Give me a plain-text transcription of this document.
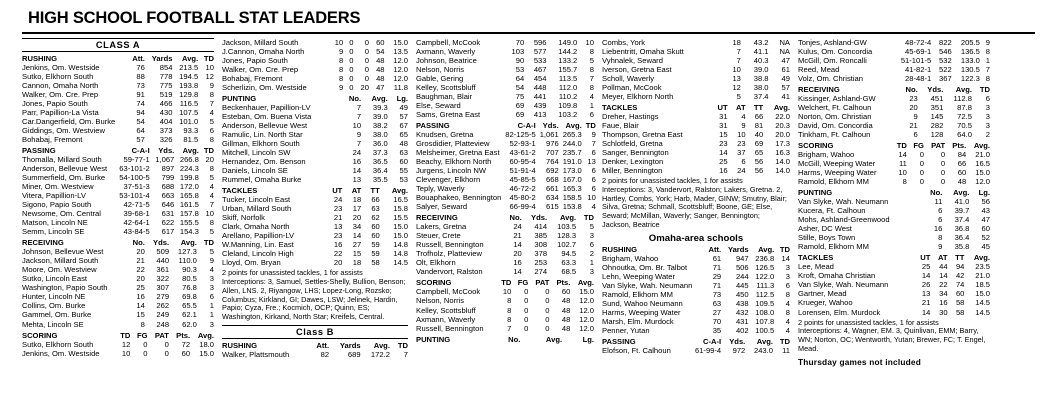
HIGH SCHOOL FOOTBALL STAT LEADERS
CLASS A
RUSHING	Att.	Yards	Avg.	TD
Jenkins, Om. Westside	76	854	213.5	10
Sutko, Elkhorn South	88	778	194.5	12
Cannon, Omaha North	73	775	193.8	9
Walker, Om. Cre. Prep	91	519	129.8	8
Jones, Papio South	74	466	116.5	7
Parr, Papillion-La Vista	94	430	107.5	4
Car.Dangerfield, Om. Burke	54	404	101.0	5
Giddings, Om. Westview	64	373	93.3	6
Bohabaj, Fremont	57	326	81.5	8
PASSING	C-A-I	Yds.	Avg.	TD
Thomalla, Millard South	59-77-1	1,067	266.8	20
Anderson, Bellevue West	63-101-2	897	224.3	8
Summerfield, Om. Burke	54-100-5	799	199.8	5
Miner, Om. Westview	37-51-3	688	172.0	4
Vitera, Papillion-LV	53-101-4	663	165.8	4
Sigono, Papio South	42-71-5	646	161.5	7
Newsome, Om. Central	39-68-1	631	157.8	10
Matson, Lincoln NE	42-64-1	622	155.5	8
Semm, Lincoln SE	43-84-5	617	154.3	5
RECEIVING	No.	Yds.	Avg.	TD
Johnson, Bellevue West	20	509	127.3	5
Jackson, Millard South	21	440	110.0	9
Moore, Om. Westview	22	361	90.3	4
Sutko, Lincoln East	20	322	80.5	3
Washington, Papio South	25	307	76.8	3
Hunter, Lincoln NE	16	279	69.8	6
Collins, Om. Burke	14	262	65.5	1
Gammel, Om. Burke	15	249	62.1	1
Mehta, Lincoln SE	8	248	62.0	3
SCORING	TD	FG	PAT	Pts.	Avg.
Sutko, Elkhorn South	12	0	0	72	18.0
Jenkins, Om. Westside	10	0	0	60	15.0
Jackson, Millard South	10	0	0	60	15.0
J.Cannon, Omaha North	9	0	0	54	13.5
Jones, Papio South	8	0	0	48	12.0
Walker, Om. Cre. Prep	8	0	0	48	12.0
Bohabaj, Fremont	8	0	0	48	12.0
Scherlizin, Om. Westside	9	0	20	47	11.8
PUNTING	No.	Avg.	Lg.
Beckenhauer, Papillion-LV	7	39.3	49
Esteban, Om. Buena Vista	7	39.0	57
Anderson, Bellevue West	10	38.2	67
Ramulic, Lin. North Star	9	38.0	65
Gillman, Elkhorn South	7	36.0	48
Mitchell, Lincoln SW	24	37.3	63
Hernandez, Om. Benson	16	36.5	60
Daniels, Lincoln SE	14	36.4	55
Rummel, Omaha Burke	13	35.5	53
TACKLES	UT	AT	TT	Avg.
Tucker, Lincoln East	24	18	66	16.5
Urban, Millard South	23	17	63	15.8
Skiff, Norfolk	21	20	62	15.5
Clark, Omaha North	13	34	60	15.0
Arellano, Papillion-LV	23	14	60	15.0
W.Manning, Lin. East	16	27	59	14.8
Cleland, Lincoln High	22	15	59	14.8
Lloyd, Om. Bryan	20	18	58	14.5
2 points for unassisted tackles, 1 for assists
Interceptions: 3, Samuel, Settles-Shelly, Bullion, Benson; Allen, LNS. 2, Riyangow, LHS; Lopez-Long, Rozsko; Columbus; Kirkland, GI; Dawes, LSW; Jelinek, Hardin, Papio; Cyza, Fre.; Kocmich, OCP; Quinn, ES; Washington, Kirkand, North Star; Kreifels, Central.
Class B
RUSHING	Att.	Yards	Avg.	TD
Walker, Plattsmouth	82	689	172.2	7
Campbell, McCook	70	596	149.0	10
Axmann, Waverly	103	577	144.2	8
Johnson, Beatrice	90	533	133.2	5
Nelson, Norris	53	467	155.7	8
Gable, Gering	64	454	113.5	7
Kelley, Scottsbluff	54	448	112.0	8
Baughman, Blair	75	441	110.2	4
Else, Seward	69	439	109.8	1
Sams, Gretna East	69	413	103.2	6
PASSING	C-A-I	Yds.	Avg.	TD
Knudsen, Gretna	82-125-5	1,061	265.3	9
Grosdidier, Platteview	52-93-1	976	244.0	7
Melsheimer, Gretna East	43-61-2	707	235.7	6
Beachy, Elkhorn North	60-95-4	764	191.0	13
Jurgens, Lincoln NW	51-91-4	692	173.0	6
Clevenger, Elkhorn	45-85-5	668	167.0	6
Teply, Waverly	46-72-2	661	165.3	6
Bouaphakeo, Bennington	45-80-2	634	158.5	10
Salyer, Seward	66-99-4	615	153.8	4
RECEIVING	No.	Yds.	Avg.	TD
Lakers, Gretna	24	414	103.5	5
Steuer, Crete	21	385	128.3	3
Russell, Bennington	14	308	102.7	6
Trofholz, Platteview	20	378	94.5	2
Olt, Elkhorn	16	253	63.3	1
Vandervort, Ralston	14	274	68.5	3
SCORING	TD	FG	PAT	Pts.	Avg.
Campbell, McCook	10	0	0	60	15.0
Nelson, Norris	8	0	0	48	12.0
Kelley, Scottsbluff	8	0	0	48	12.0
Axmann, Waverly	8	0	0	48	12.0
Russell, Bennington	7	0	0	48	12.0
PUNTING	No.	Avg.	Lg.
Combs, York	18	43.2	NA
Liebentritt, Omaha Skutt	7	41.1	NA
Vyhnalek, Seward	7	40.3	47
Iverson, Gretna East	10	39.0	61
Scholl, Waverly	13	38.8	49
Pollman, McCook	12	38.0	57
Meyer, Elkhorn North	5	37.4	41
TACKLES	UT	AT	TT	Avg.
Dreher, Hastings	31	4	66	22.0
Faue, Blair	31	9	81	20.3
Thompson, Gretna East	15	10	40	20.0
Schlotfeld, Gretna	23	23	69	17.3
Sanger, Bennington	14	37	65	16.3
Denker, Lexington	25	6	56	14.0
Miller, Bennington	16	24	56	14.0
2 points for unassisted tackles, 1 for assists
Interceptions: 3, Vandervort, Ralston; Lakers, Gretna. 2, Hartley, Combs, York; Harb, Mader, GINW; Smutny, Blair; Silva, Gretna; Schmall, Scottsbluff; Boone, GE; Else, Seward; McMillan, Waverly; Sanger, Bennington; Jackson, Beatrice
Omaha-area schools
RUSHING	Att.	Yards	Avg.	TD
Brigham, Wahoo	61	947	236.8	14
Ohnoutka, Om. Br. Talbot	71	506	126.5	3
Lehn, Weeping Water	29	244	122.0	3
Van Slyke, Wah. Neumann	71	445	111.3	6
Ramold, Elkhorn MM	73	450	112.5	8
Sund, Wahoo Neumann	63	438	109.5	4
Harms, Weeping Water	27	432	108.0	8
Marsh, Elm. Murdock	70	431	107.8	4
Penner, Yutan	35	402	100.5	4
PASSING	C-A-I	Yds.	Avg.	TD
Elofson, Ft. Calhoun	61-99-4	972	243.0	11
Tonjes, Ashland-GW	48-72-4	822	205.5	9
Kulus, Om. Concordia	45-69-1	546	136.5	8
McGill, Om. Roncalli	51-101-5	532	133.0	1
Reed, Mead	41-82-1	522	130.5	7
Volz, Om. Christian	28-48-1	367	122.3	8
RECEIVING	No.	Yds.	Avg.	TD
Kissinger, Ashland-GW	23	451	112.8	6
Welchert, Ft. Calhoun	20	351	87.8	3
Norton, Om. Christian	9	145	72.5	3
David, Om. Concordia	21	282	70.5	3
Tinkham, Ft. Calhoun	6	128	64.0	2
SCORING	TD	FG	PAT	Pts.	Avg.
Brigham, Wahoo	14	0	0	84	21.0
McGill, Weeping Water	11	0	0	66	16.5
Harms, Weeping Water	10	0	0	60	15.0
Ramold, Elkhorn MM	8	0	0	48	12.0
PUNTING	No.	Avg.	Lg.
Van Slyke, Wah. Neumann	11	41.0	56
Kucera, Ft. Calhoun	6	39.7	43
Mohs, Ashland-Greenwood	6	37.4	47
Asher, DC West	16	36.8	60
Stille, Boys Town	8	36.4	52
Ramold, Elkhorn MM	9	35.8	45
TACKLES	UT	AT	TT	Avg.
Lee, Mead	25	44	94	23.5
Kroft, Omaha Christian	14	14	42	21.0
Van Slyke, Wah. Neumann	26	22	74	18.5
Gartner, Mead	13	34	60	15.0
Krueger, Wahoo	21	16	58	14.5
Lorensen, Elm. Murdock	14	30	58	14.5
2 points for unassisted tackles, 1 for assists
Interceptions: 4, Wagner, EM. 3, Quinlivan, EMM; Barry, WN; Norton, OC; Wentworth, Yutan; Brewer, FC; T. Engel, Mead.
Thursday games not included
